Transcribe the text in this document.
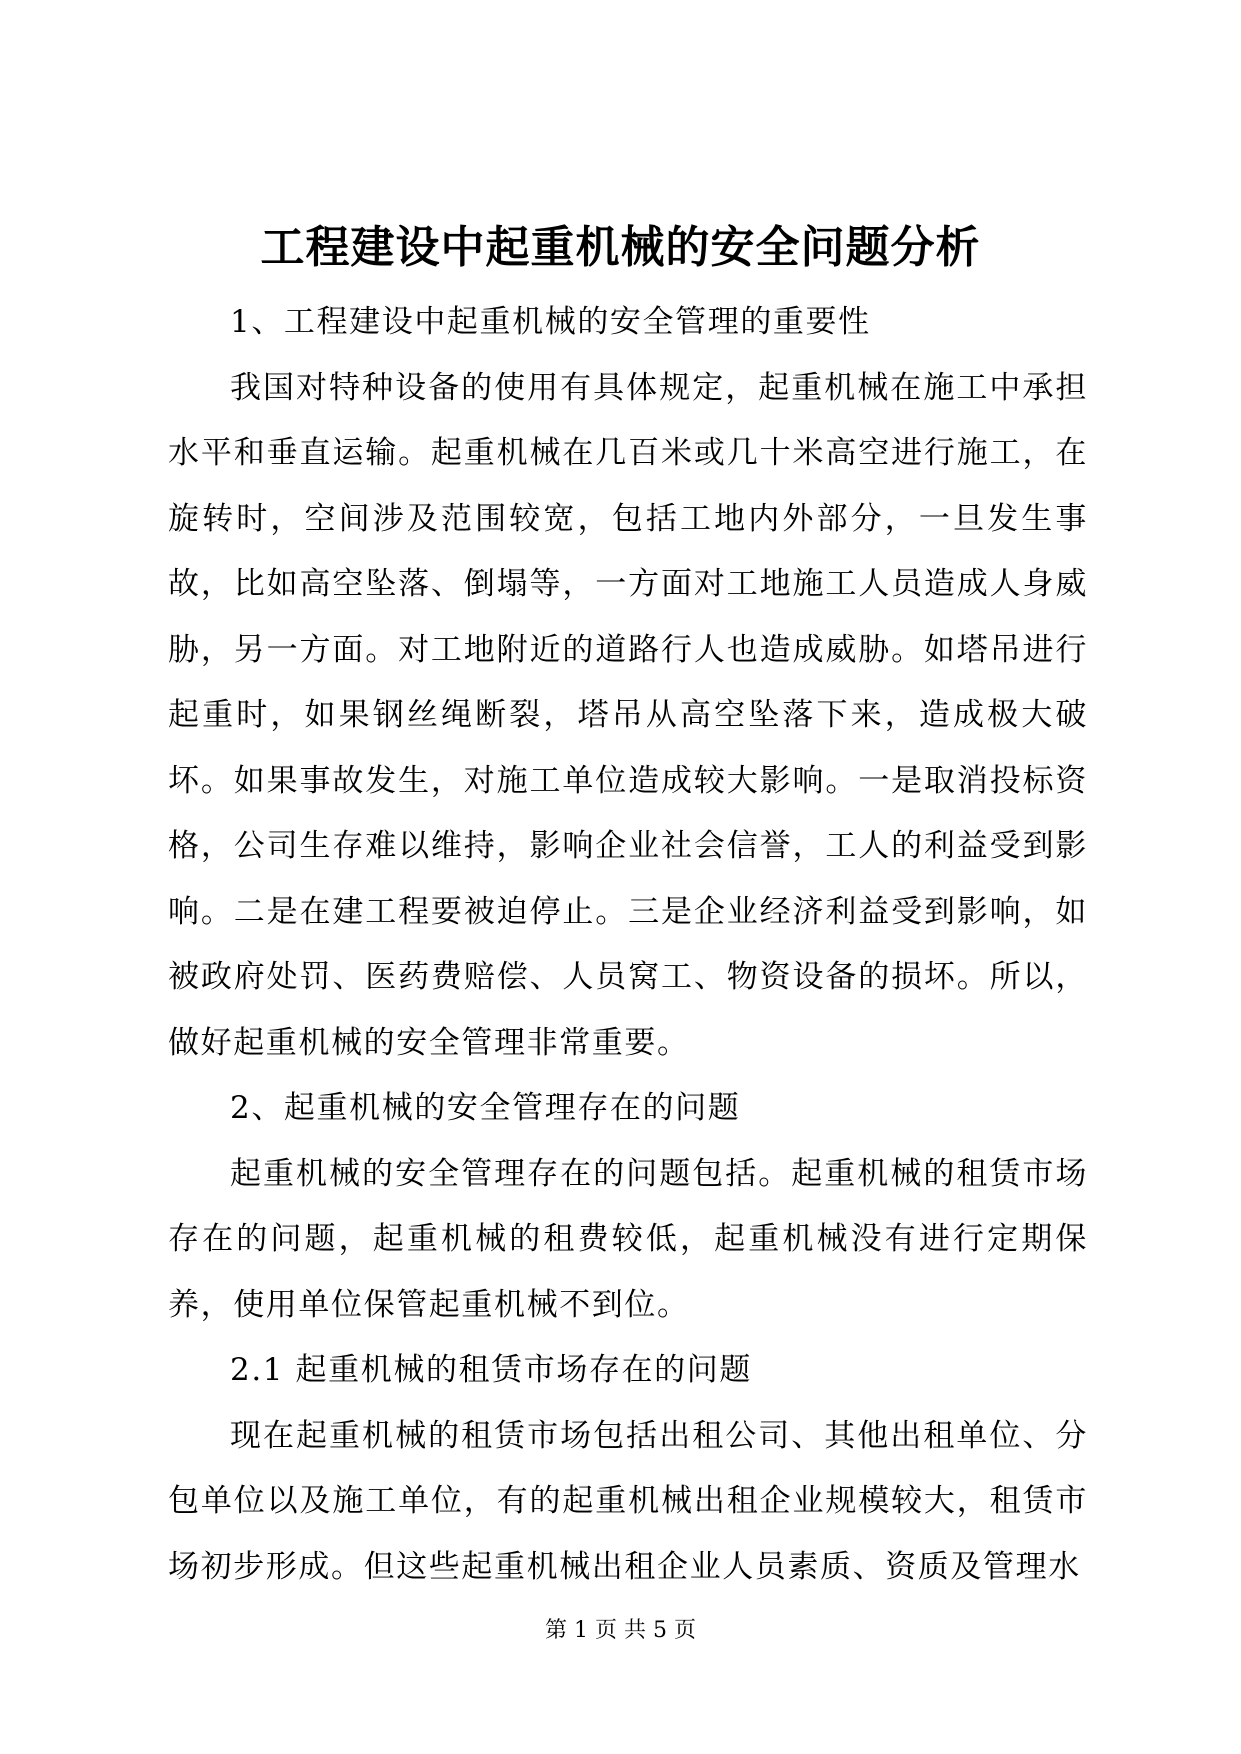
工程建设中起重机械的安全问题分析

1、工程建设中起重机械的安全管理的重要性

我国对特种设备的使用有具体规定，起重机械在施工中承担水平和垂直运输。起重机械在几百米或几十米高空进行施工，在旋转时，空间涉及范围较宽，包括工地内外部分，一旦发生事故，比如高空坠落、倒塌等，一方面对工地施工人员造成人身威胁，另一方面。对工地附近的道路行人也造成威胁。如塔吊进行起重时，如果钢丝绳断裂，塔吊从高空坠落下来，造成极大破坏。如果事故发生，对施工单位造成较大影响。一是取消投标资格，公司生存难以维持，影响企业社会信誉，工人的利益受到影响。二是在建工程要被迫停止。三是企业经济利益受到影响，如被政府处罚、医药费赔偿、人员窝工、物资设备的损坏。所以，做好起重机械的安全管理非常重要。

2、起重机械的安全管理存在的问题

起重机械的安全管理存在的问题包括。起重机械的租赁市场存在的问题，起重机械的租费较低，起重机械没有进行定期保养，使用单位保管起重机械不到位。

2.1 起重机械的租赁市场存在的问题

现在起重机械的租赁市场包括出租公司、其他出租单位、分包单位以及施工单位，有的起重机械出租企业规模较大，租赁市场初步形成。但这些起重机械出租企业人员素质、资质及管理水

第 1 页 共 5 页
